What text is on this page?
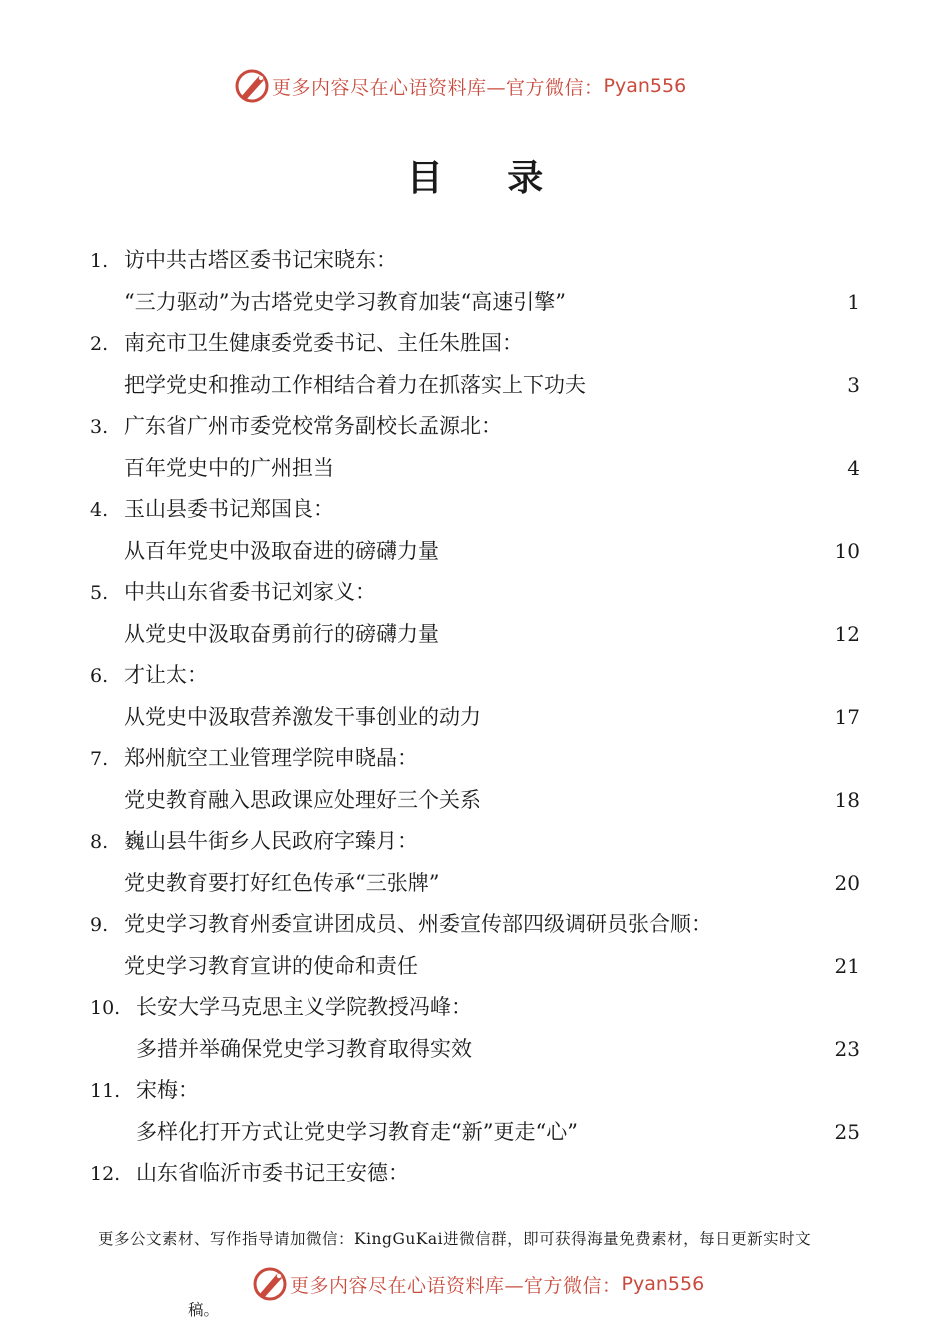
更多内容尽在心语资料库—官方微信： Pyan556
目 录
1. 访中共古塔区委书记宋晓东：
“三力驱动”为古塔党史学习教育加装“高速引擎”	1
2. 南充市卫生健康委党委书记、主任朱胜国：
把学党史和推动工作相结合着力在抓落实上下功夫	3
3. 广东省广州市委党校常务副校长孟源北：
百年党史中的广州担当	4
4. 玉山县委书记郑国良：
从百年党史中汲取奋进的磅礴力量	10
5. 中共山东省委书记刘家义：
从党史中汲取奋勇前行的磅礴力量	12
6. 才让太：
从党史中汲取营养激发干事创业的动力	17
7. 郑州航空工业管理学院申晓晶：
党史教育融入思政课应处理好三个关系	18
8. 巍山县牛街乡人民政府字臻月：
党史教育要打好红色传承“三张牌”	20
9. 党史学习教育州委宣讲团成员、州委宣传部四级调研员张合顺：
党史学习教育宣讲的使命和责任	21
10. 长安大学马克思主义学院教授冯峰：
多措并举确保党史学习教育取得实效	23
11. 宋梅：
多样化打开方式让党史学习教育走“新”更走“心”	25
12. 山东省临沂市委书记王安德：
更多公文素材、写作指导请加微信：KingGuKai进微信群，即可获得海量免费素材，每日更新实时文
更多内容尽在心语资料库—官方微信： Pyan556
稿。
